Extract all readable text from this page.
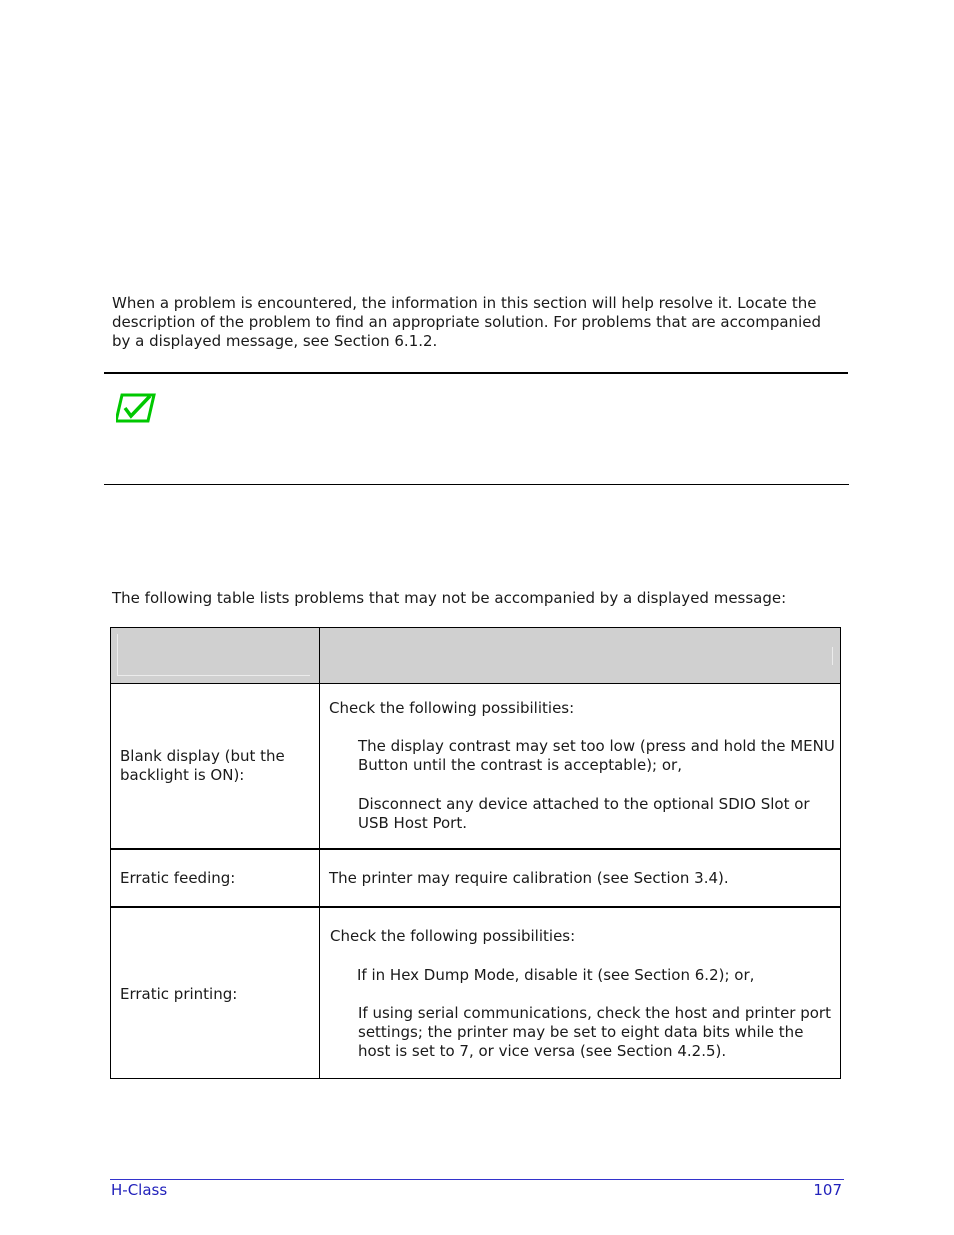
When a problem is encountered, the information in this section will help resolve it. Locate the description of the problem to find an appropriate solution. For problems that are accompanied by a displayed message, see Section 6.1.2.

The following table lists problems that may not be accompanied by a displayed message:

Blank display (but the backlight is ON):
Check the following possibilities:
The display contrast may set too low (press and hold the MENU Button until the contrast is acceptable); or,
Disconnect any device attached to the optional SDIO Slot or USB Host Port.
Erratic feeding:	The printer may require calibration (see Section 3.4).
Erratic printing:
Check the following possibilities:
If in Hex Dump Mode, disable it (see Section 6.2); or,
If using serial communications, check the host and printer port settings; the printer may be set to eight data bits while the host is set to 7, or vice versa (see Section 4.2.5).
H-Class	107
